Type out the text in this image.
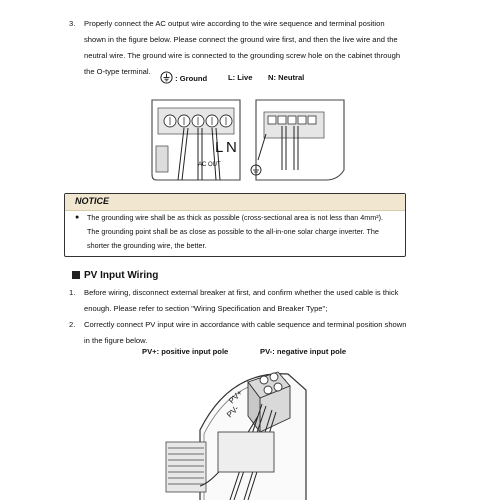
3. Properly connect the AC output wire according to the wire sequence and terminal position
shown in the figure below. Please connect the ground wire first, and then the live wire and the
neutral wire. The ground wire is connected to the grounding screw hole on the cabinet through
the O-type terminal.
: Ground	L: Live N: Neutral
L N
AC OUT
NOTICE
● The grounding wire shall be as thick as possible (cross-sectional area is not less than 4mm²).
The grounding point shall be as close as possible to the all-in-one solar charge inverter. The
shorter the grounding wire, the better.
PV Input Wiring
1. Before wiring, disconnect external breaker at first, and confirm whether the used cable is thick
enough. Please refer to section "Wiring Specification and Breaker Type";
2. Correctly connect PV input wire in accordance with cable sequence and terminal position shown
in the figure below.
PV+: positive input pole	PV-: negative input pole
PV+
PV-
